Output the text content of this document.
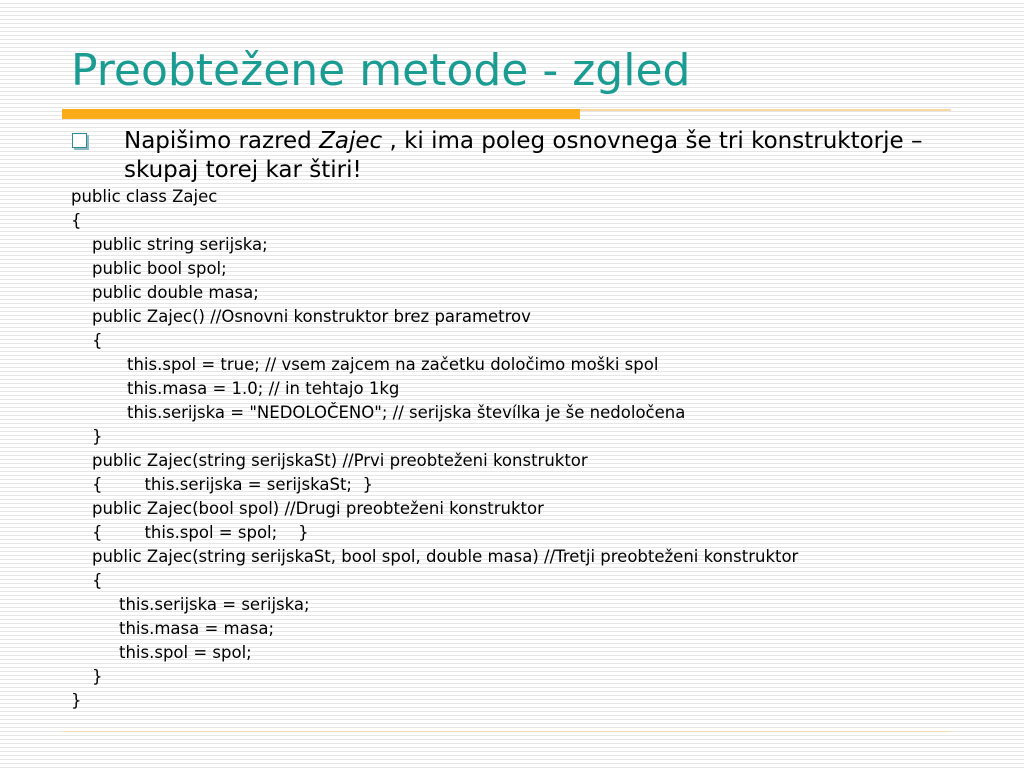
Preobtežene metode - zgled

Napišimo razred Zajec , ki ima poleg osnovnega še tri konstruktorje – skupaj torej kar štiri!

public class Zajec
{
public string serijska;
public bool spol;
public double masa;
public Zajec() //Osnovni konstruktor brez parametrov
{
this.spol = true; // vsem zajcem na začetku določimo moški spol
this.masa = 1.0; // in tehtajo 1kg
this.serijska = "NEDOLOČENO"; // serijska števílka je še nedoločena
}
public Zajec(string serijskaSt) //Prvi preobteženi konstruktor
{        this.serijska = serijskaSt;  }
public Zajec(bool spol) //Drugi preobteženi konstruktor
{        this.spol = spol;    }
public Zajec(string serijskaSt, bool spol, double masa) //Tretji preobteženi konstruktor
{
this.serijska = serijska;
this.masa = masa;
this.spol = spol;
}
}
